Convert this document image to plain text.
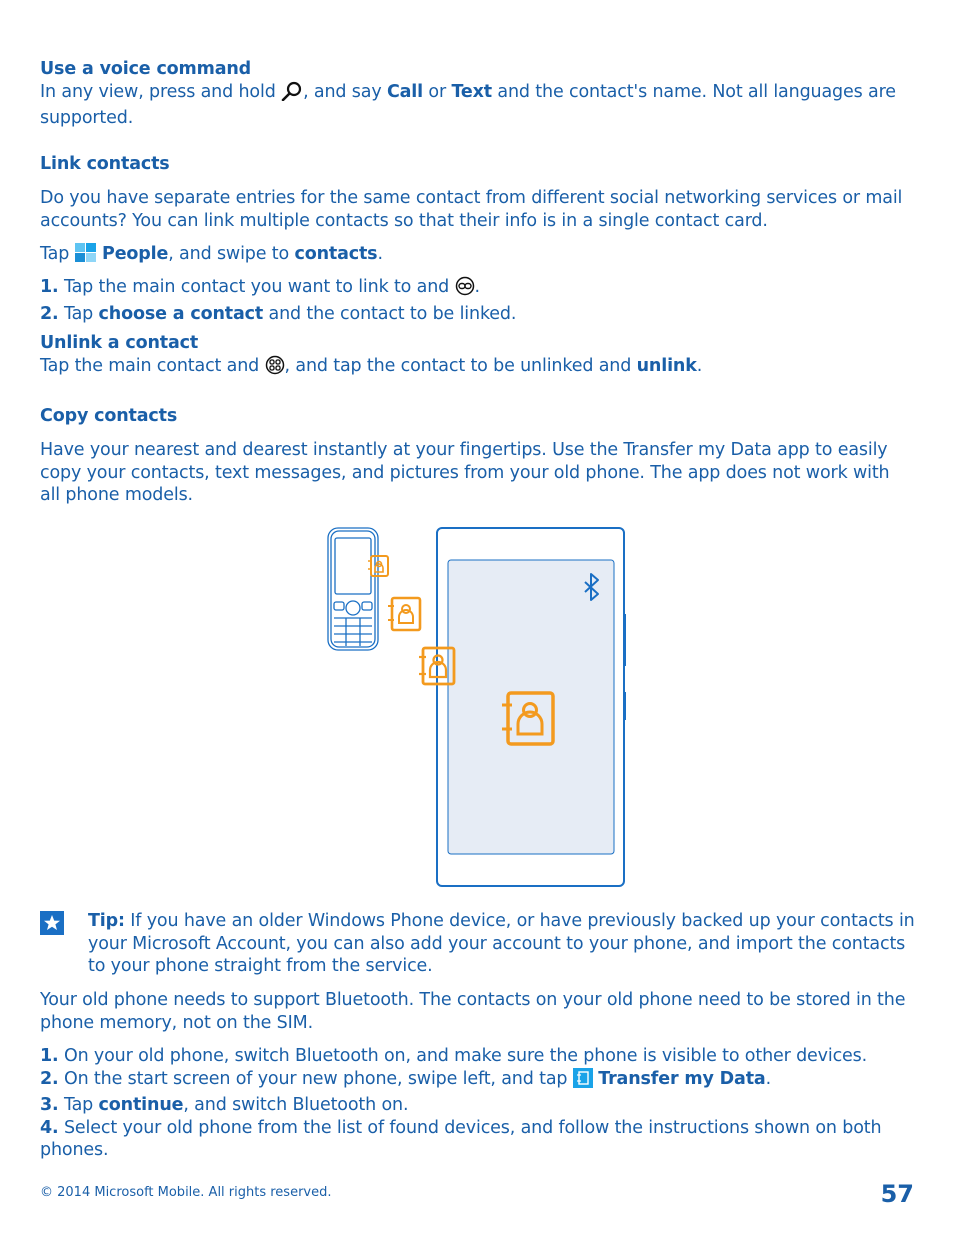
Use a voice command

In any view, press and hold , and say Call or Text and the contact's name. Not all languages are
supported.

Link contacts

Do you have separate entries for the same contact from different social networking services or mail
accounts? You can link multiple contacts so that their info is in a single contact card.

Tap  People, and swipe to contacts.

1. Tap the main contact you want to link to and .
2. Tap choose a contact and the contact to be linked.

Unlink a contact

Tap the main contact and , and tap the contact to be unlinked and unlink.

Copy contacts

Have your nearest and dearest instantly at your fingertips. Use the Transfer my Data app to easily
copy your contacts, text messages, and pictures from your old phone. The app does not work with
all phone models.

Tip: If you have an older Windows Phone device, or have previously backed up your contacts in
your Microsoft Account, you can also add your account to your phone, and import the contacts
to your phone straight from the service.

Your old phone needs to support Bluetooth. The contacts on your old phone need to be stored in the
phone memory, not on the SIM.

1. On your old phone, switch Bluetooth on, and make sure the phone is visible to other devices.
2. On the start screen of your new phone, swipe left, and tap  Transfer my Data.
3. Tap continue, and switch Bluetooth on.
4. Select your old phone from the list of found devices, and follow the instructions shown on both
phones.

© 2014 Microsoft Mobile. All rights reserved.	57
